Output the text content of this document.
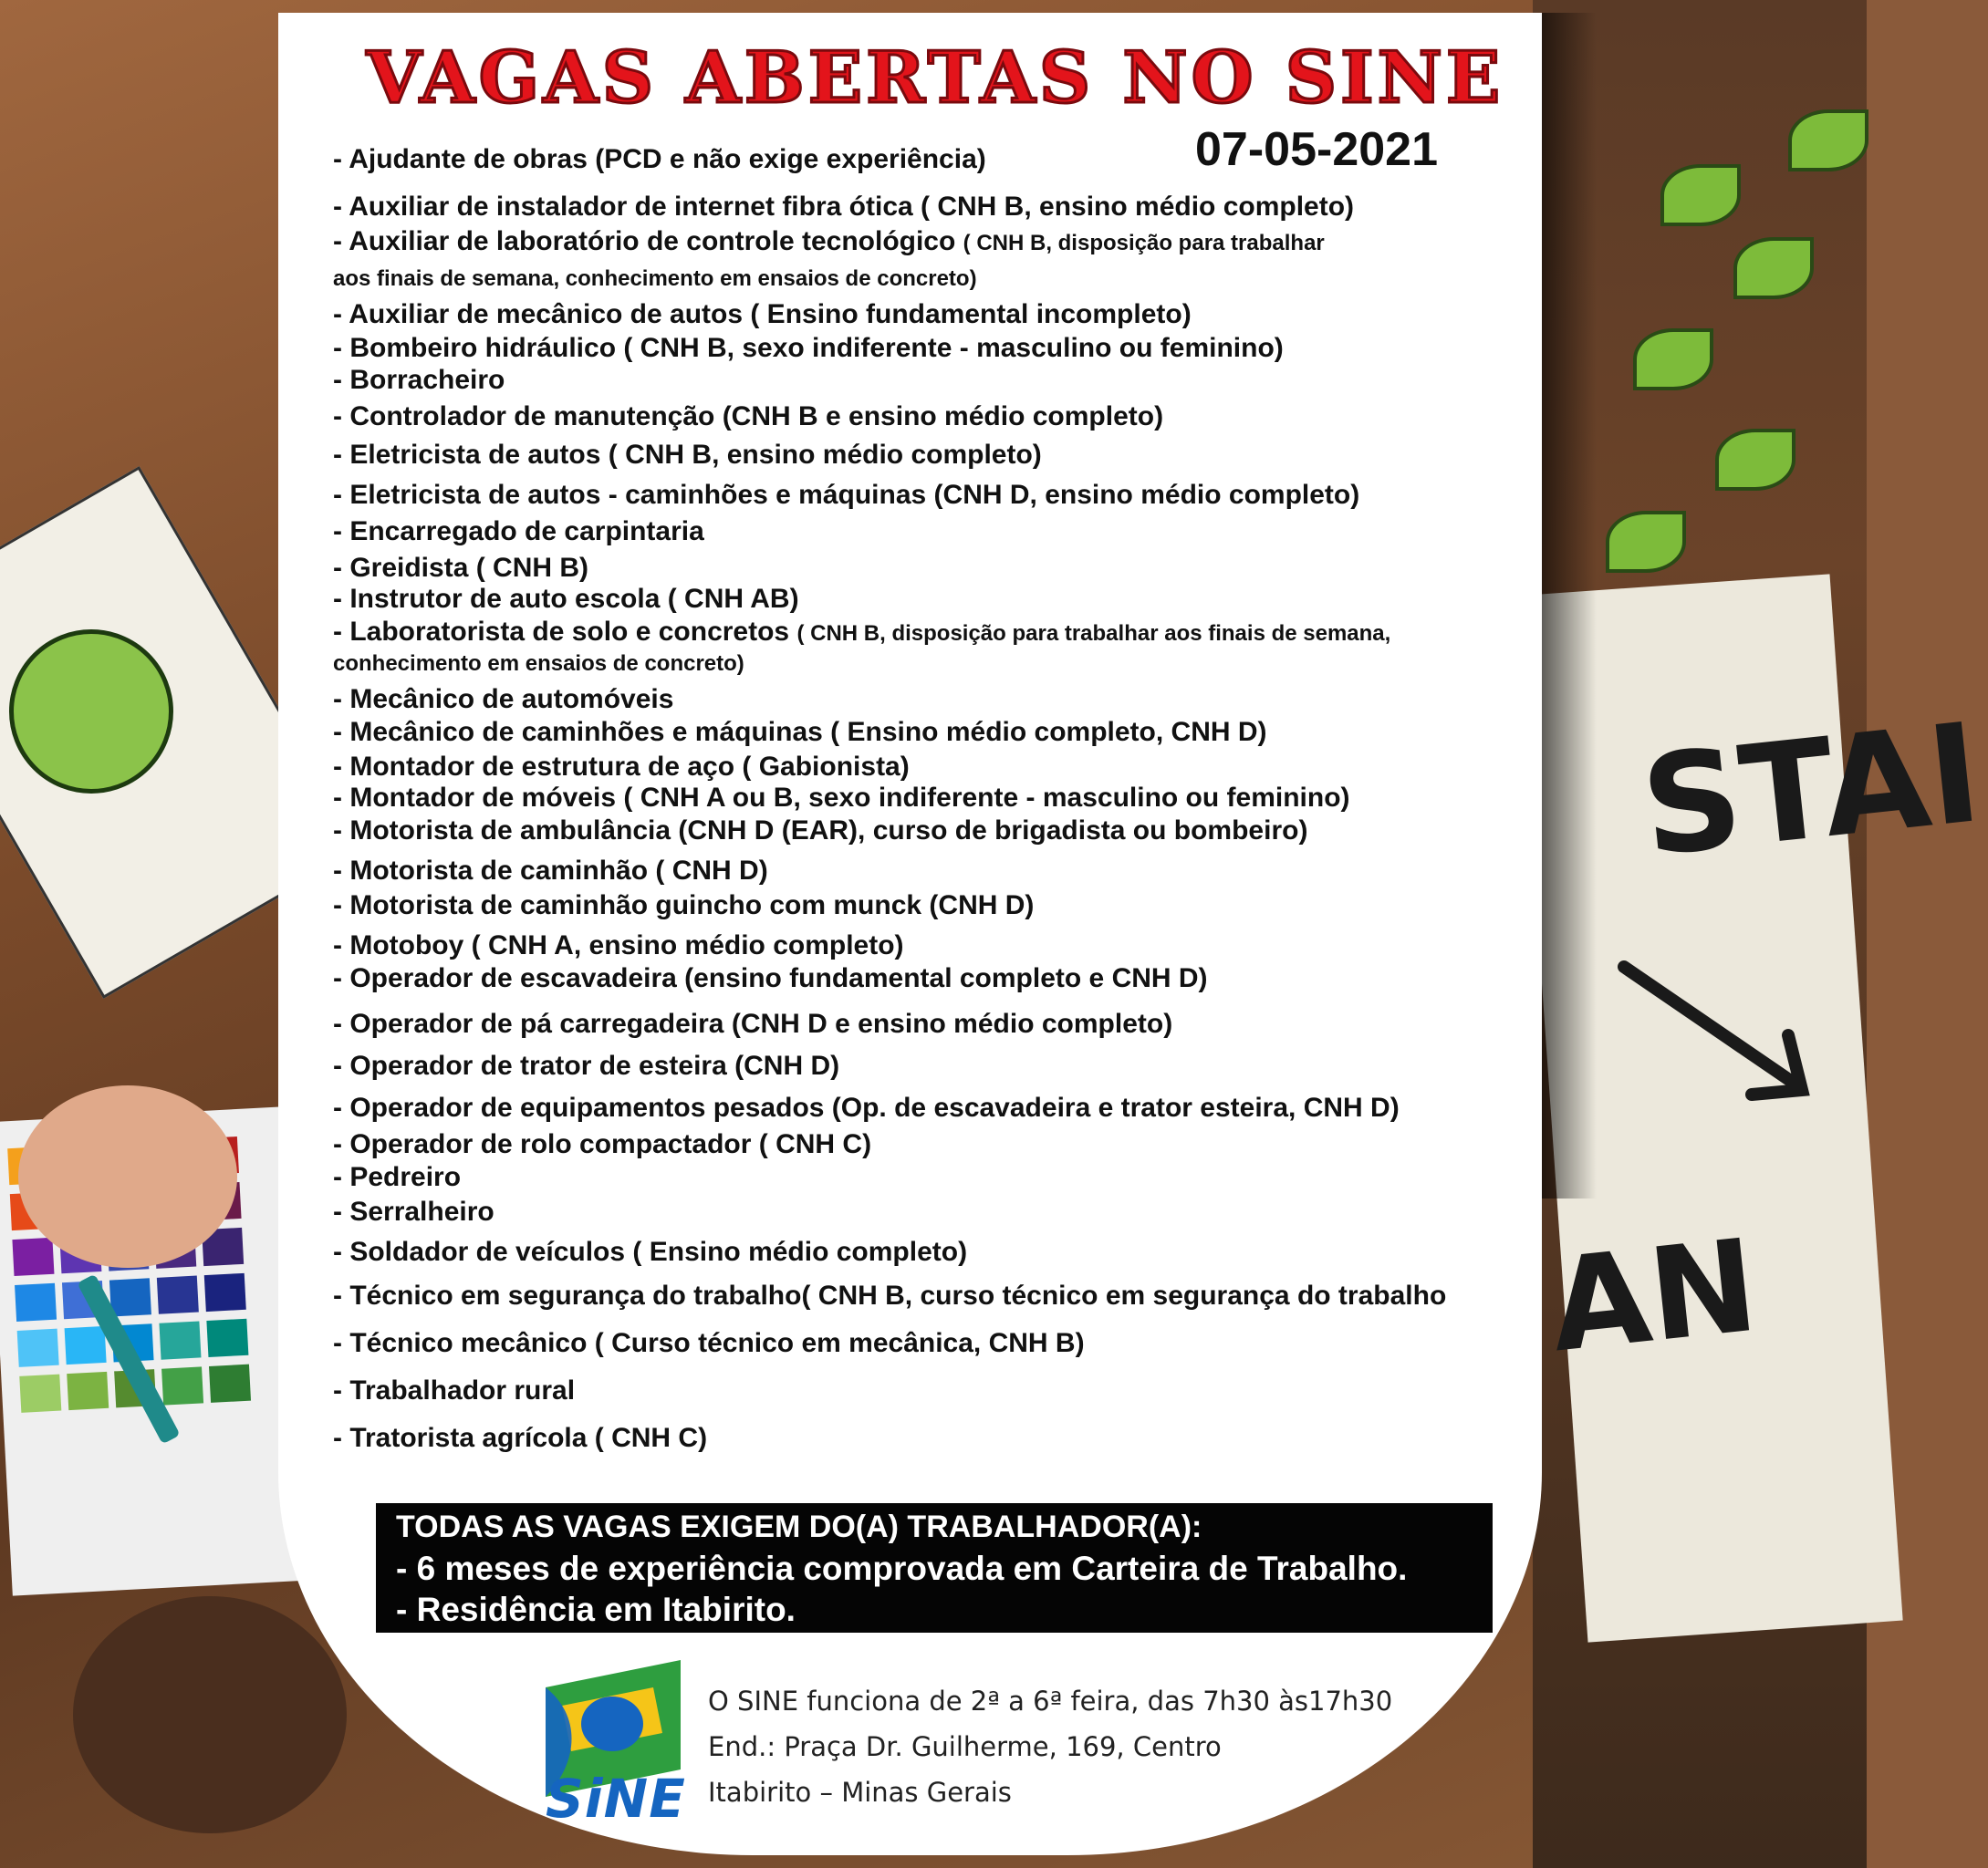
STAI
AN
VAGAS ABERTAS NO SINE
07-05-2021
- Ajudante de obras (PCD e não exige experiência)
- Auxiliar de instalador de internet fibra ótica ( CNH B, ensino médio completo)
- Auxiliar de laboratório de controle tecnológico ( CNH B, disposição para trabalhar
aos finais de semana, conhecimento em ensaios de concreto)
- Auxiliar de mecânico de autos ( Ensino fundamental incompleto)
- Bombeiro hidráulico ( CNH B, sexo indiferente - masculino ou feminino)
- Borracheiro
- Controlador de manutenção (CNH B e ensino médio completo)
- Eletricista de autos ( CNH B, ensino médio completo)
- Eletricista de autos - caminhões e máquinas (CNH D, ensino médio completo)
- Encarregado de carpintaria
- Greidista ( CNH B)
- Instrutor de auto escola ( CNH AB)
- Laboratorista de solo e concretos ( CNH B, disposição para trabalhar aos finais de semana,
conhecimento em ensaios de concreto)
- Mecânico de automóveis
- Mecânico de caminhões e máquinas ( Ensino médio completo, CNH D)
- Montador de estrutura de aço ( Gabionista)
- Montador de móveis ( CNH A ou B, sexo indiferente - masculino ou feminino)
- Motorista de ambulância (CNH D (EAR), curso de brigadista ou bombeiro)
- Motorista de caminhão ( CNH D)
- Motorista de caminhão guincho com munck (CNH D)
- Motoboy ( CNH A, ensino médio completo)
- Operador de escavadeira (ensino fundamental completo e CNH D)
- Operador de pá carregadeira (CNH D e ensino médio completo)
- Operador de trator de esteira (CNH D)
- Operador de equipamentos pesados (Op. de escavadeira e trator esteira, CNH D)
- Operador de rolo compactador ( CNH C)
- Pedreiro
- Serralheiro
- Soldador de veículos ( Ensino médio completo)
- Técnico em segurança do trabalho( CNH B, curso técnico em segurança do trabalho
- Técnico mecânico ( Curso técnico em mecânica, CNH B)
- Trabalhador rural
- Tratorista agrícola ( CNH C)
TODAS AS VAGAS EXIGEM DO(A) TRABALHADOR(A):
- 6 meses de experiência comprovada em Carteira de Trabalho.
- Residência em Itabirito.
SiNE
O SINE funciona de 2ª a 6ª feira, das 7h30 às17h30
End.: Praça Dr. Guilherme, 169, Centro
Itabirito – Minas Gerais
